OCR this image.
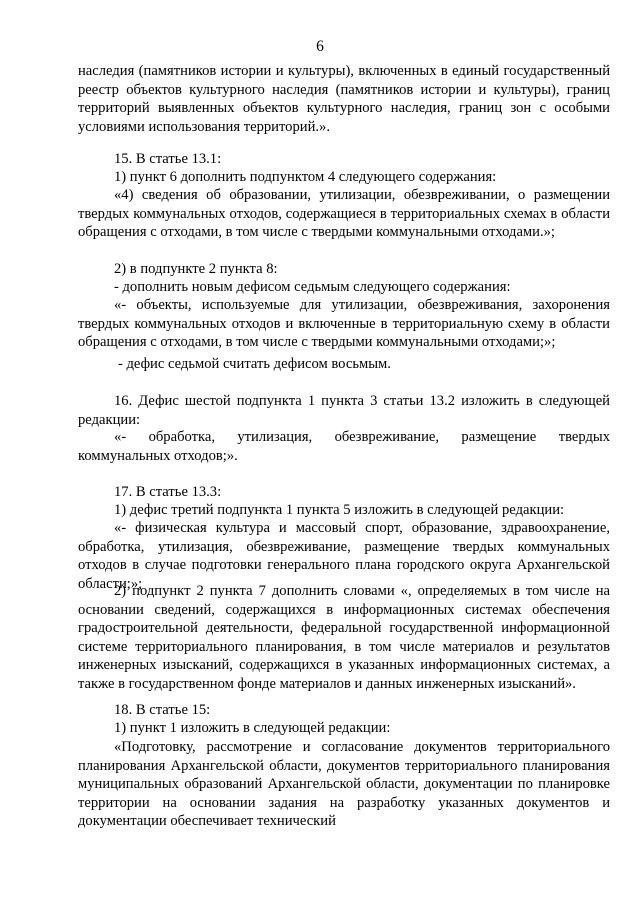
6
наследия (памятников истории и культуры), включенных в единый государственный реестр объектов культурного наследия (памятников истории и культуры), границ территорий выявленных объектов культурного наследия, границ зон с особыми условиями использования территорий.».
15. В статье 13.1:
1) пункт 6 дополнить подпунктом 4 следующего содержания:
«4) сведения об образовании, утилизации, обезвреживании, о размещении твердых коммунальных отходов, содержащиеся в территориальных схемах в области обращения с отходами, в том числе с твердыми коммунальными отходами.»;
2) в подпункте 2 пункта 8:
- дополнить новым дефисом седьмым следующего содержания:
«- объекты, используемые для утилизации, обезвреживания, захоронения твердых коммунальных отходов и включенные в территориальную схему в области обращения с отходами, в том числе с твердыми коммунальными отходами;»;
- дефис седьмой считать дефисом восьмым.
16. Дефис шестой подпункта 1 пункта 3 статьи 13.2 изложить в следующей редакции:
«- обработка, утилизация, обезвреживание, размещение твердых коммунальных отходов;».
17. В статье 13.3:
1) дефис третий подпункта 1 пункта 5 изложить в следующей редакции:
«- физическая культура и массовый спорт, образование, здравоохранение, обработка, утилизация, обезвреживание, размещение твердых коммунальных отходов в случае подготовки генерального плана городского округа Архангельской области;»;
2) подпункт 2 пункта 7 дополнить словами «, определяемых в том числе на основании сведений, содержащихся в информационных системах обеспечения градостроительной деятельности, федеральной государственной информационной системе территориального планирования, в том числе материалов и результатов инженерных изысканий, содержащихся в указанных информационных системах, а также в государственном фонде материалов и данных инженерных изысканий».
18. В статье 15:
1) пункт 1 изложить в следующей редакции:
«Подготовку, рассмотрение и согласование документов территориального планирования Архангельской области, документов территориального планирования муниципальных образований Архангельской области, документации по планировке территории на основании задания на разработку указанных документов и документации обеспечивает технический
